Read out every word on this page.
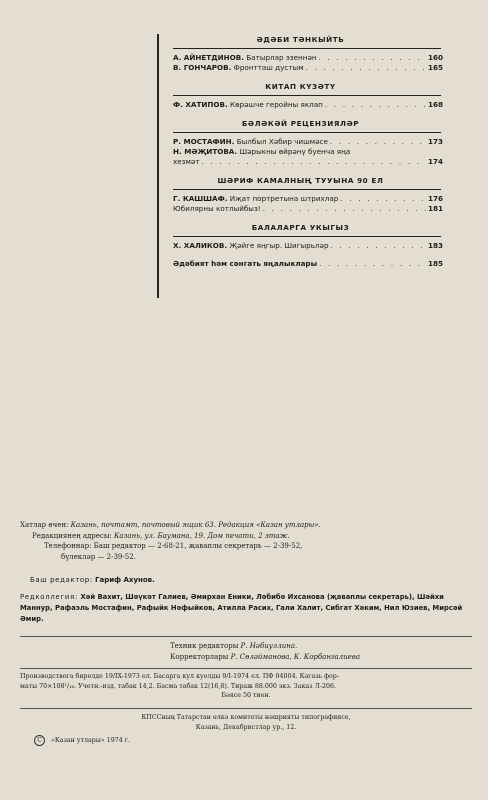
ӘДӘБИ ТӘНКЫЙТЬ
А. АЙНЕТДИНОВ. Батырлар эзеннән . . .	160
В. ГОНЧАРОВ. Фронтташ дустым . . .	165
КИТАП КҮЗӘТҮ
Ф. ХАТИПОВ. Көрәшче геройны яклап . . .	168
БӘЛӘКӘЙ РЕЦЕНЗИЯЛӘР
Р. МОСТАФИН. Былбыл Хәбир чишмәсе . . .	173
Н. МӘҖИТОВА. Шәрыкны өйрәнү буенча яңа
хезмәт . . .	174
ШӘРИФ КАМАЛНЫҢ ТУУЫНА 90 ЕЛ
Г. КАШШАФ. Иҗат портретына штрихлар . . .	176
Юбилярны котлыйбыз! . . .	181
БАЛАЛАРГА УКЫГЫЗ
Х. ХАЛИКОВ. Җәйге яңгыр. Шигырьләр . . .	183
Әдәбият һәм сәнгать яңалыклары . . .	185
Хатлар өчен: Казань, почтамт, почтовый ящик 63. Редакция «Казан утлары».
Редакциянең адресы: Казань, ул. Баумана, 19. Дом печати, 2 этаж.
Телефоннар: Баш редактор — 2-68-21, җаваплы секретарь — 2-39-52,
бүлекләр — 2-39-52.
Баш редактор: Гариф Ахунов.
Редколлегия: Хәй Вахит, Шәүкәт Галиев, Әмирхан Еники, Ләбибә Ихсанова (җаваплы секретарь), Шәйхи Маннур, Рафаэль Мостафин, Рафыйк Нәфыйков, Атилла Расих, Гали Халит, Сибгат Хәким, Нил Юзиев, Мирсәй Әмир.
Техник редакторы Р. Нәбиуллина.
Корректорлары Р. Сөләйманова, К. Корбангалиева
Производствога бирелде 19/IX-1973 ел. Басарга кул куелды 9/I-1974 ел. ПФ 04004. Кәгазь фор-
маты 70×108¹/₁₆. Учетн.-изд. табак 14,2. Басма табак 12(16,8). Тираж 88.000 экз. Заказ Л-206.
Бәясе 50 тиен.
КПССның Татарстан өлкә комитеты нәшрияты типографиясе,
Казань, Декабристлар ур., 12.
C «Казан утлары» 1974 г.
